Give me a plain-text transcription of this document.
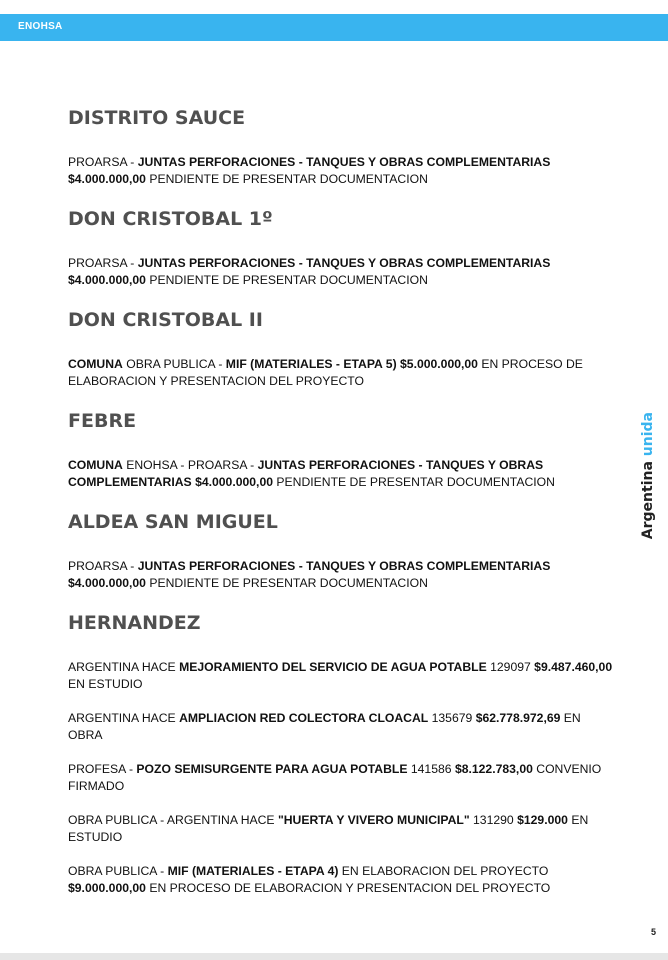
ENOHSA
DISTRITO SAUCE
PROARSA - JUNTAS PERFORACIONES - TANQUES Y OBRAS COMPLEMENTARIAS
$4.000.000,00 PENDIENTE DE PRESENTAR DOCUMENTACION
DON CRISTOBAL 1º
PROARSA - JUNTAS PERFORACIONES - TANQUES Y OBRAS COMPLEMENTARIAS
$4.000.000,00 PENDIENTE DE PRESENTAR DOCUMENTACION
DON CRISTOBAL II
COMUNA OBRA PUBLICA - MIF (MATERIALES - ETAPA 5) $5.000.000,00 EN PROCESO DE ELABORACION Y PRESENTACION DEL PROYECTO
FEBRE
COMUNA ENOHSA - PROARSA - JUNTAS PERFORACIONES - TANQUES Y OBRAS COMPLEMENTARIAS $4.000.000,00 PENDIENTE DE PRESENTAR DOCUMENTACION
ALDEA SAN MIGUEL
PROARSA - JUNTAS PERFORACIONES - TANQUES Y OBRAS COMPLEMENTARIAS
$4.000.000,00 PENDIENTE DE PRESENTAR DOCUMENTACION
HERNANDEZ
ARGENTINA HACE MEJORAMIENTO DEL SERVICIO DE AGUA POTABLE 129097 $9.487.460,00
EN ESTUDIO
ARGENTINA HACE AMPLIACION RED COLECTORA CLOACAL 135679 $62.778.972,69 EN OBRA
PROFESA - POZO SEMISURGENTE PARA AGUA POTABLE 141586 $8.122.783,00 CONVENIO
FIRMADO
OBRA PUBLICA - ARGENTINA HACE "HUERTA Y VIVERO MUNICIPAL" 131290 $129.000 EN
ESTUDIO
OBRA PUBLICA - MIF (MATERIALES - ETAPA 4) EN ELABORACION DEL PROYECTO
$9.000.000,00 EN PROCESO DE ELABORACION Y PRESENTACION DEL PROYECTO
Argentina unida
5
